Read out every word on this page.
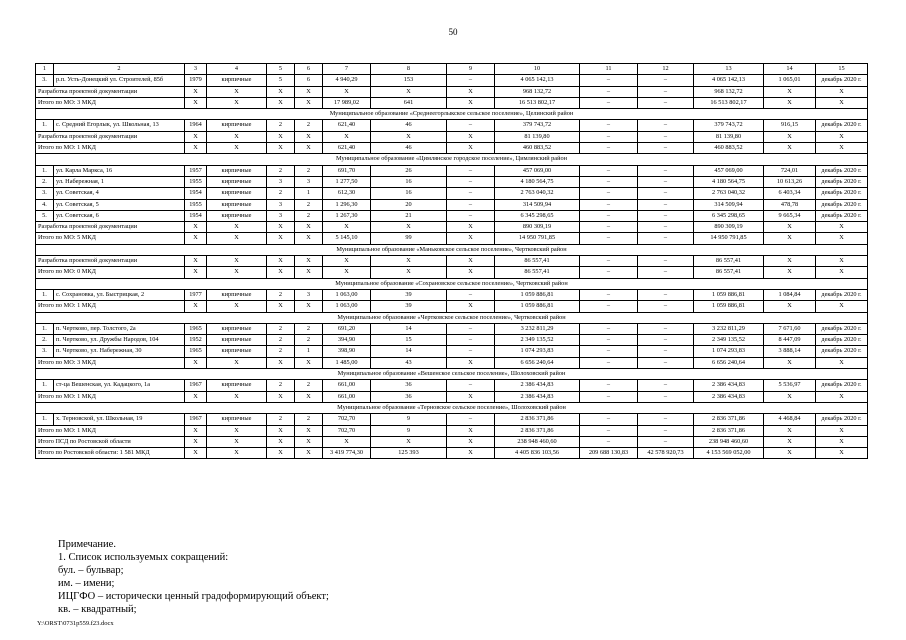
50
1	2	3	4	5	6	7	8	9	10	11	12	13	14	15
3.	р.п. Усть-Донецкий ул. Строителей, 85б	1979	кирпичные	5	6	4 940,29	153	–	4 065 142,13	–	–	4 065 142,13	1 065,01	декабрь 2020 г.
Разработка проектной документации		X	X	X	X	X	X	X	968 132,72	–	–	968 132,72	X	X
Итого по МО: 3 МКД		X	X	X	X	17 989,02	641	X	16 513 802,17	–	–	16 513 802,17	X	X
Муниципальное образование «Среднеегорлыкское сельское поселение», Целинский район														
1.	с. Средний Егорлык, ул. Школьная, 13	1964	кирпичные	2	2	621,40	46	–	379 743,72	–	–	379 743,72	916,15	декабрь 2020 г.
Разработка проектной документации		X	X	X	X	X	X	X	81 139,80	–	–	81 139,80	X	X
Итого по МО: 1 МКД		X	X	X	X	621,40	46	X	460 883,52	–	–	460 883,52	X	X
Муниципальное образование «Цимлянское городское поселение», Цимлянский район														
1.	ул. Карла Маркса, 16	1957	кирпичные	2	2	691,70	26	–	457 069,00	–	–	457 069,00	724,01	декабрь 2020 г.
2.	ул. Набережная, 1	1955	кирпичные	3	3	1 277,50	16	–	4 180 564,75	–	–	4 180 564,75	10 613,26	декабрь 2020 г.
3.	ул. Советская, 4	1954	кирпичные	2	1	612,30	16	–	2 763 040,32	–	–	2 763 040,32	6 403,34	декабрь 2020 г.
4.	ул. Советская, 5	1955	кирпичные	3	2	1 296,30	20	–	314 509,94	–	–	314 509,94	478,78	декабрь 2020 г.
5.	ул. Советская, 6	1954	кирпичные	3	2	1 267,30	21	–	6 345 298,65	–	–	6 345 298,65	9 665,34	декабрь 2020 г.
Разработка проектной документации		X	X	X	X	X	X	X	890 309,19	–	–	890 309,19	X	X
Итого по МО: 5 МКД		X	X	X	X	5 145,10	99	X	14 950 791,85	–	–	14 950 791,85	X	X
Муниципальное образование «Маньковское сельское поселение», Чертковский район														
Разработка проектной документации		X	X	X	X	X	X	X	86 557,41	–	–	86 557,41	X	X
Итого по МО: 0 МКД		X	X	X	X	X	X	X	86 557,41	–	–	86 557,41	X	X
Муниципальное образование «Сохрановское сельское поселение», Чертковский район														
1.	с. Сохрановка, ул. Быстрицкая, 2	1977	кирпичные	2	3	1 063,00	39	–	1 059 886,81	–	–	1 059 886,81	1 084,84	декабрь 2020 г.
Итого по МО: 1 МКД		X	X	X	X	1 063,00	39	X	1 059 886,81	–	–	1 059 886,81	X	X
Муниципальное образование «Чертковское сельское поселение», Чертковский район														
1.	п. Чертково, пер. Толстого, 2а	1965	кирпичные	2	2	691,20	14	–	3 232 811,29	–	–	3 232 811,29	7 671,60	декабрь 2020 г.
2.	п. Чертково, ул. Дружбы Народов, 104	1952	кирпичные	2	2	394,90	15	–	2 349 135,52	–	–	2 349 135,52	8 447,09	декабрь 2020 г.
3.	п. Чертково, ул. Набережная, 30	1965	кирпичные	2	1	398,90	14	–	1 074 293,83	–	–	1 074 293,83	3 888,14	декабрь 2020 г.
Итого по МО: 3 МКД		X	X	X	X	1 485,00	43	X	6 656 240,64	–	–	6 656 240,64	X	X
Муниципальное образование «Вешенское сельское поселение», Шолоховский район														
1.	ст-ца Вешенская, ул. Кадацкого, 1а	1967	кирпичные	2	2	661,00	36	–	2 386 434,83	–	–	2 386 434,83	5 536,97	декабрь 2020 г.
Итого по МО: 1 МКД		X	X	X	X	661,00	36	X	2 386 434,83	–	–	2 386 434,83	X	X
Муниципальное образование «Терновское сельское поселение», Шолоховский район														
1.	х. Терновской, ул. Школьная, 19	1967	кирпичные	2	2	702,70	9	–	2 836 371,86	–	–	2 836 371,86	4 468,84	декабрь 2020 г.
Итого по МО: 1 МКД		X	X	X	X	702,70	9	X	2 836 371,86	–	–	2 836 371,86	X	X
Итого ПСД по Ростовской области		X	X	X	X	X	X	X	238 948 460,60	–	–	238 948 460,60	X	X
Итого по Ростовской области: 1 581 МКД		X	X	X	X	3 419 774,30	125 393	X	4 405 836 103,56	209 688 130,83	42 578 920,73	4 153 569 052,00	X	X
Примечание.
1. Список используемых сокращений:
бул. – бульвар;
им. – имени;
ИЦГФО – исторически ценный градоформирующий объект;
кв. – квадратный;
Y:\ORST\0731p559.f23.docx
